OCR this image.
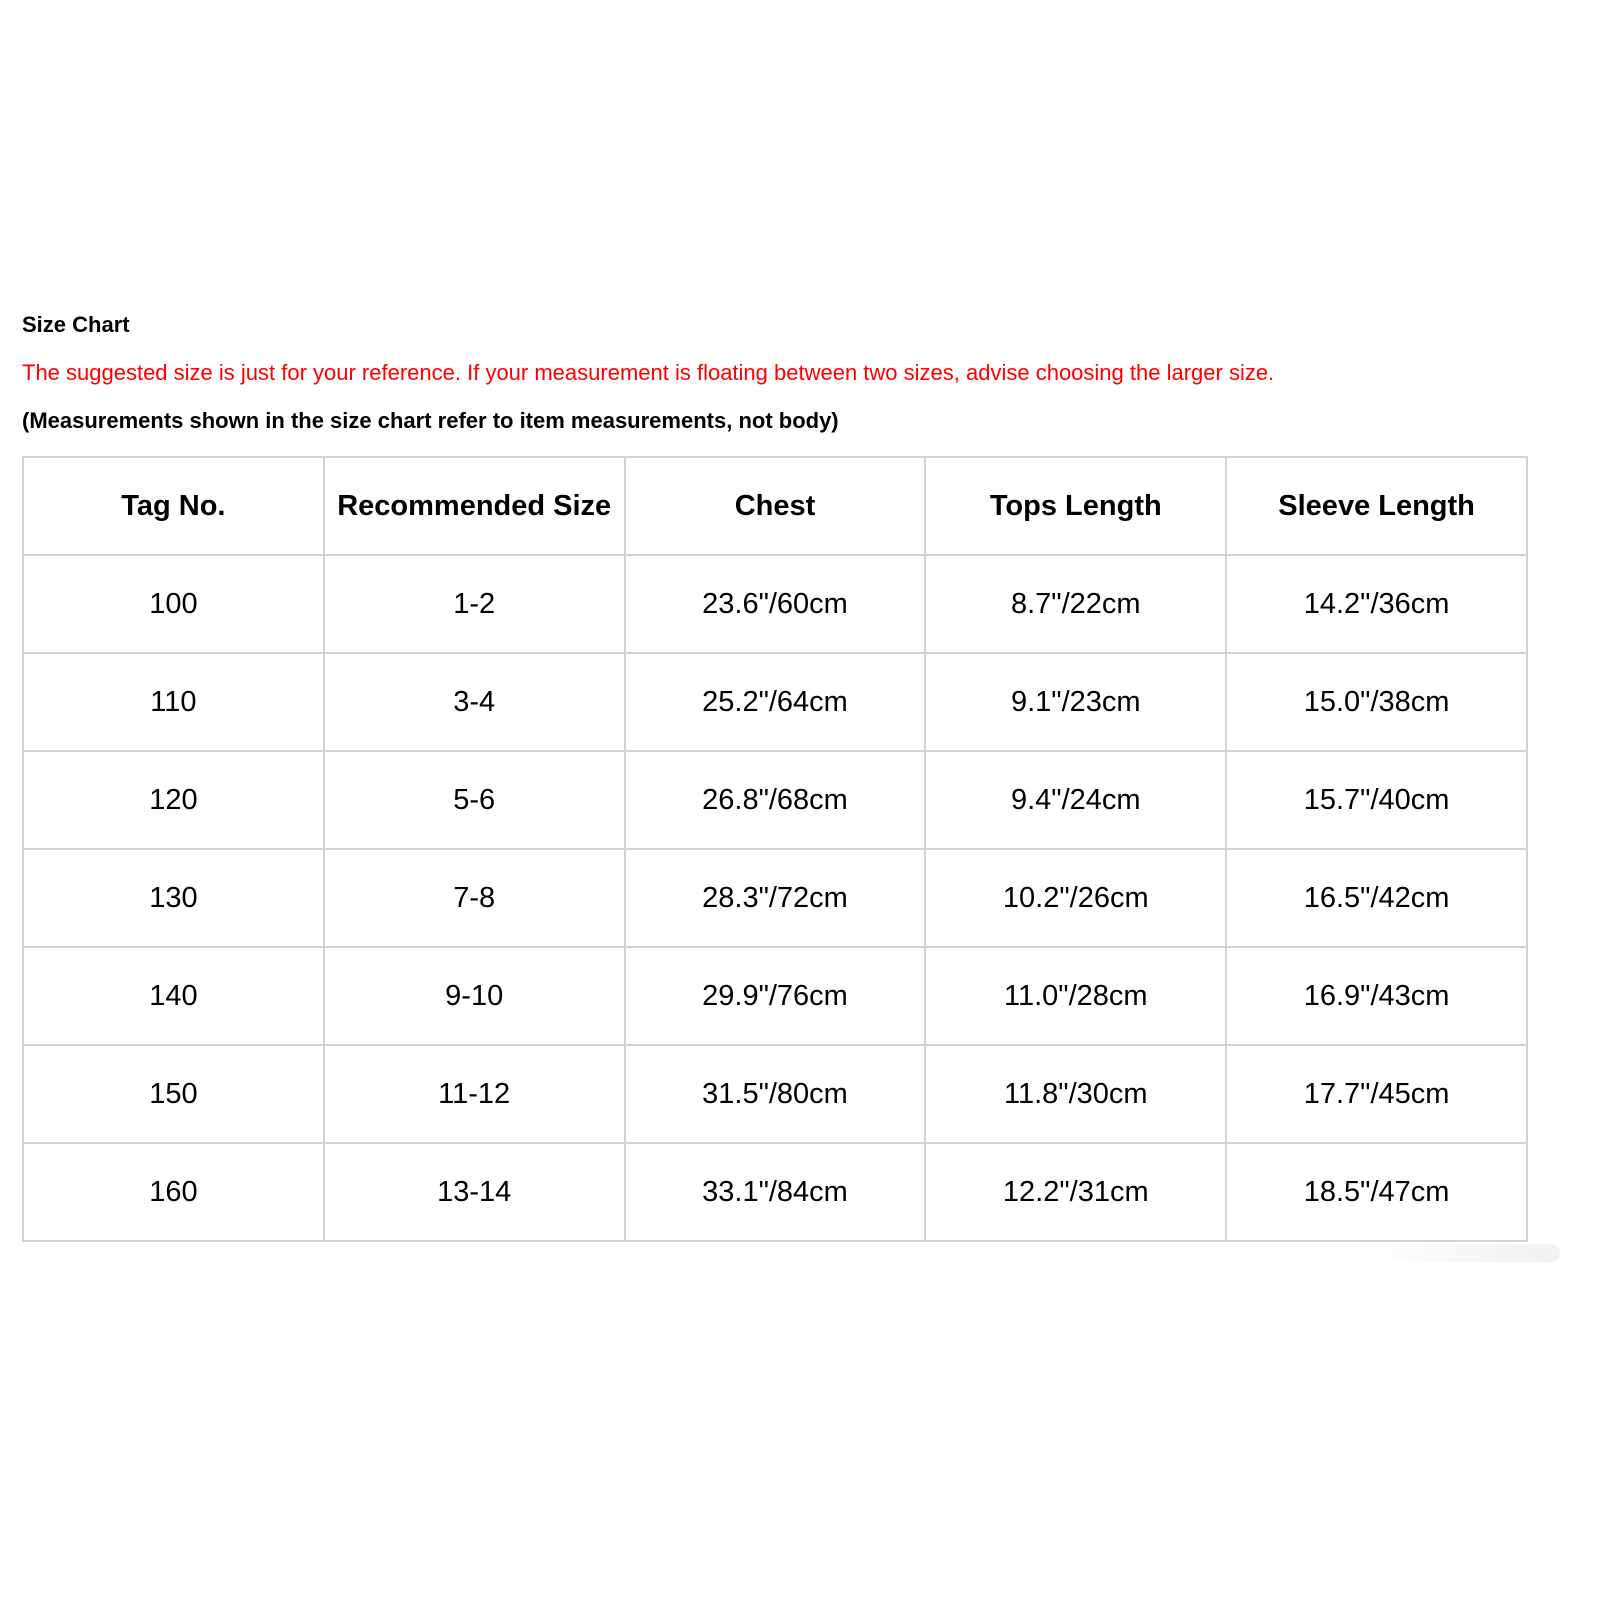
Size Chart
The suggested size is just for your reference. If your measurement is floating between two sizes, advise choosing the larger size.
(Measurements shown in the size chart refer to item measurements, not body)
Tag No.	Recommended Size	Chest	Tops Length	Sleeve Length
100	1-2	23.6"/60cm	8.7"/22cm	14.2"/36cm
110	3-4	25.2"/64cm	9.1"/23cm	15.0"/38cm
120	5-6	26.8"/68cm	9.4"/24cm	15.7"/40cm
130	7-8	28.3"/72cm	10.2"/26cm	16.5"/42cm
140	9-10	29.9"/76cm	11.0"/28cm	16.9"/43cm
150	11-12	31.5"/80cm	11.8"/30cm	17.7"/45cm
160	13-14	33.1"/84cm	12.2"/31cm	18.5"/47cm
